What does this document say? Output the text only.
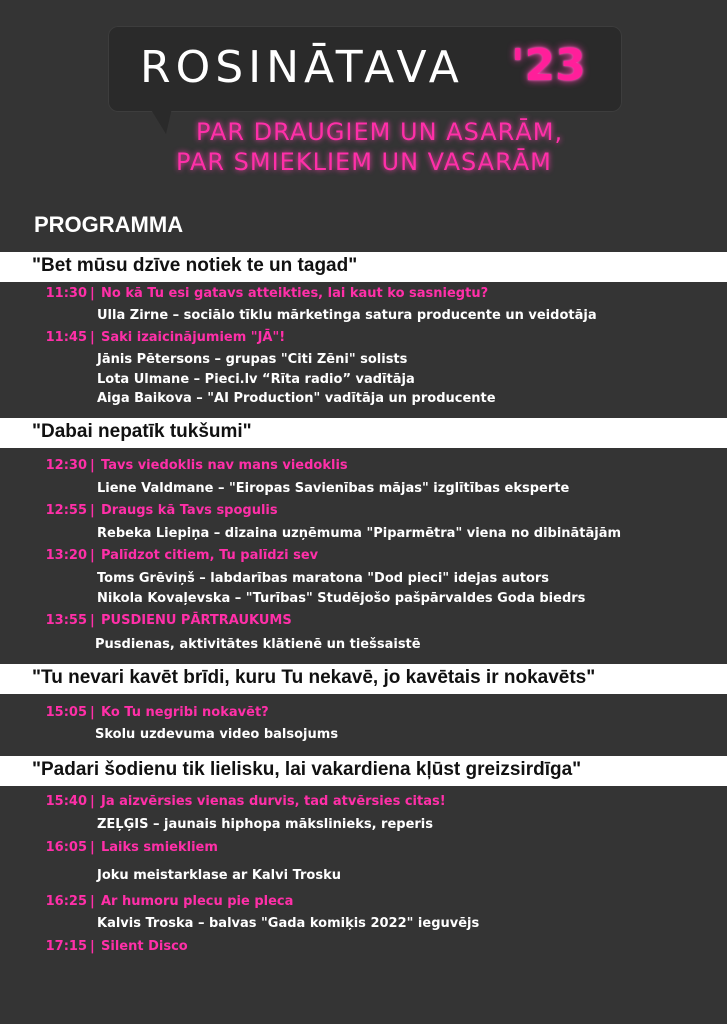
ROSINĀTAVA '23
PAR DRAUGIEM UN ASARĀM,
PAR SMIEKLIEM UN VASARĀM
PROGRAMMA
"Bet mūsu dzīve notiek te un tagad"
11:30 | No kā Tu esi gatavs atteikties, lai kaut ko sasniegtu?
Ulla Zirne – sociālo tīklu mārketinga satura producente un veidotāja
11:45 | Saki izaicinājumiem "JĀ"!
Jānis Pētersons – grupas "Citi Zēni" solists
Lota Ulmane – Pieci.lv “Rīta radio” vadītāja
Aiga Baikova – "AI Production" vadītāja un producente
"Dabai nepatīk tukšumi"
12:30 | Tavs viedoklis nav mans viedoklis
Liene Valdmane – "Eiropas Savienības mājas" izglītības eksperte
12:55 | Draugs kā Tavs spogulis
Rebeka Liepiņa – dizaina uzņēmuma "Piparmētra" viena no dibinātājām
13:20 | Palīdzot citiem, Tu palīdzi sev
Toms Grēviņš – labdarības maratona "Dod pieci" idejas autors
Nikola Kovaļevska – "Turības" Studējošo pašpārvaldes Goda biedrs
13:55 | PUSDIENU PĀRTRAUKUMS
Pusdienas, aktivitātes klātienē un tiešsaistē
"Tu nevari kavēt brīdi, kuru Tu nekavē, jo kavētais ir nokavēts"
15:05 | Ko Tu negribi nokavēt?
Skolu uzdevuma video balsojums
"Padari šodienu tik lielisku, lai vakardiena kļūst greizsirdīga"
15:40 | Ja aizvērsies vienas durvis, tad atvērsies citas!
ZEĻĢIS – jaunais hiphopa mākslinieks, reperis
16:05 | Laiks smiekliem
Joku meistarklase ar Kalvi Trosku
16:25 | Ar humoru plecu pie pleca
Kalvis Troska – balvas "Gada komiķis 2022" ieguvējs
17:15 | Silent Disco
